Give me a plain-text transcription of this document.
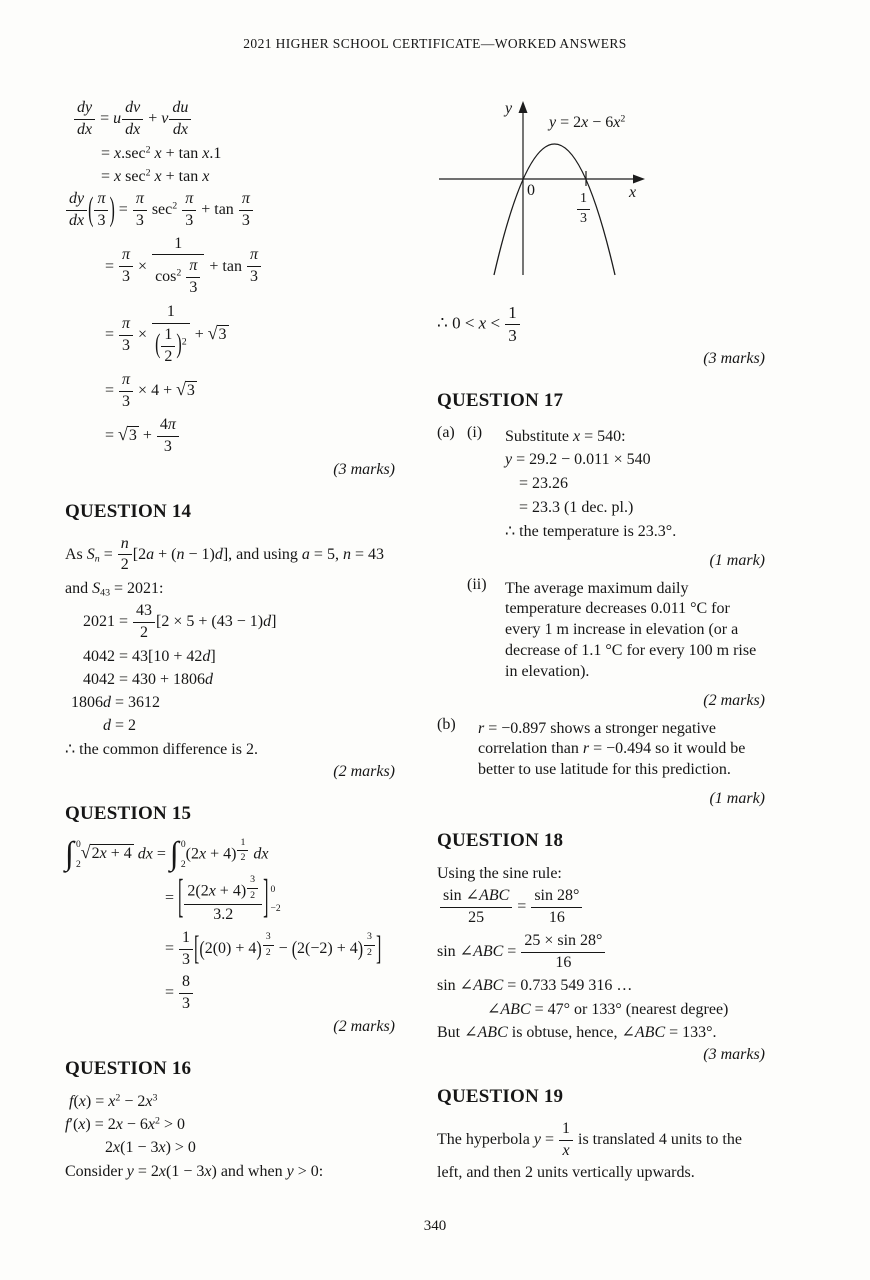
2021 HIGHER SCHOOL CERTIFICATE—WORKED ANSWERS
$\frac{dy}{dx} = u \frac{dv}{dx} + v \frac{du}{dx}$
= $x.\sec^2$ x + tan x.1
= x $\sec^2 x + \tan x$
$\frac{dy}{dx}$ ( $\frac{\pi}{3}$ ) = $\frac{\pi}{3} \sec^2 \frac{\pi}{3} + \tan \frac{\pi}{3}$
= $\frac{\pi}{3} \times \frac{1}{\cos^2 \frac{\pi}{3}} + \tan \frac{\pi}{3}$
= $\frac{\pi}{3} \times \frac{1}{( \frac{1}{2} )^2} + √3$
= $\frac{\pi}{3} \times 4 + √3$
= $√3 + \frac{4\pi}{3}$
(3 marks)
QUESTION 14
As $S_n = \frac{n}{2} [2a + (n - 1)d]$, and using a = 5, n = 43
and $S_{43} = 2021$:
$2021 = \frac{43}{2} [2 \times 5 + (43 - 1)d]$
4042 = 43[10 + 42d]
4042 = 430 + 1806d
1806d = 3612
d = 2
∴ the common difference is 2.
(2 marks)
QUESTION 15
∫ 0
2
√2x + 4 dx = ∫ 0
2
(2x + 4) $^{\frac{1}{2}}$ dx
= [ 2(2x + 4) $^{\frac{3}{2}}$
3.2 ] 0
−2
= $\frac{1}{3} [(2(0) + 4) ^{\frac{3}{2}} - (2(-2) + 4)$ $^{\frac{3}{2}}$ ]
= $\frac{8}{3}$
(2 marks)
QUESTION 16
$f(x) = x^2 - 2x^3$
$f'(x) = 2x - 6x^2 > 0$
2x(1 − 3x) > 0
Consider y = 2x(1 − 3x) and when y > 0:
$y = 2x - 6x^2$
y
x
0
$\frac{1}{3}$
∴ $0 < x < \frac{1}{3}$
(3 marks)
QUESTION 17
(a) (i)	Substitute x = 540:
y = 29.2 − 0.011 × 540
= 23.26
= 23.3 (1 dec. pl.)
∴ the temperature is 23.3°.
(1 mark)
(ii)	The average maximum daily temperature decreases 0.011 °C for every 1 m increase in elevation (or a decrease of 1.1 °C for every 100 m rise in elevation).
(2 marks)
(b)	r = −0.897 shows a stronger negative correlation than r = −0.494 so it would be better to use latitude for this prediction.
(1 mark)
QUESTION 18
Using the sine rule:
sin ∠ABC
25
= $\frac{\sin 28^\circ}{16}$
sin ∠ABC = $\frac{25 \times \sin 28^\circ}{16}$
sin ∠ABC = 0.733 549 316 …
∠ABC = 47° or 133° (nearest degree)
But ∠ABC is obtuse, hence, ∠ABC = 133°.
(3 marks)
QUESTION 19
The hyperbola $y = \frac{1}{x}$ is translated 4 units to the left, and then 2 units vertically upwards.
340
